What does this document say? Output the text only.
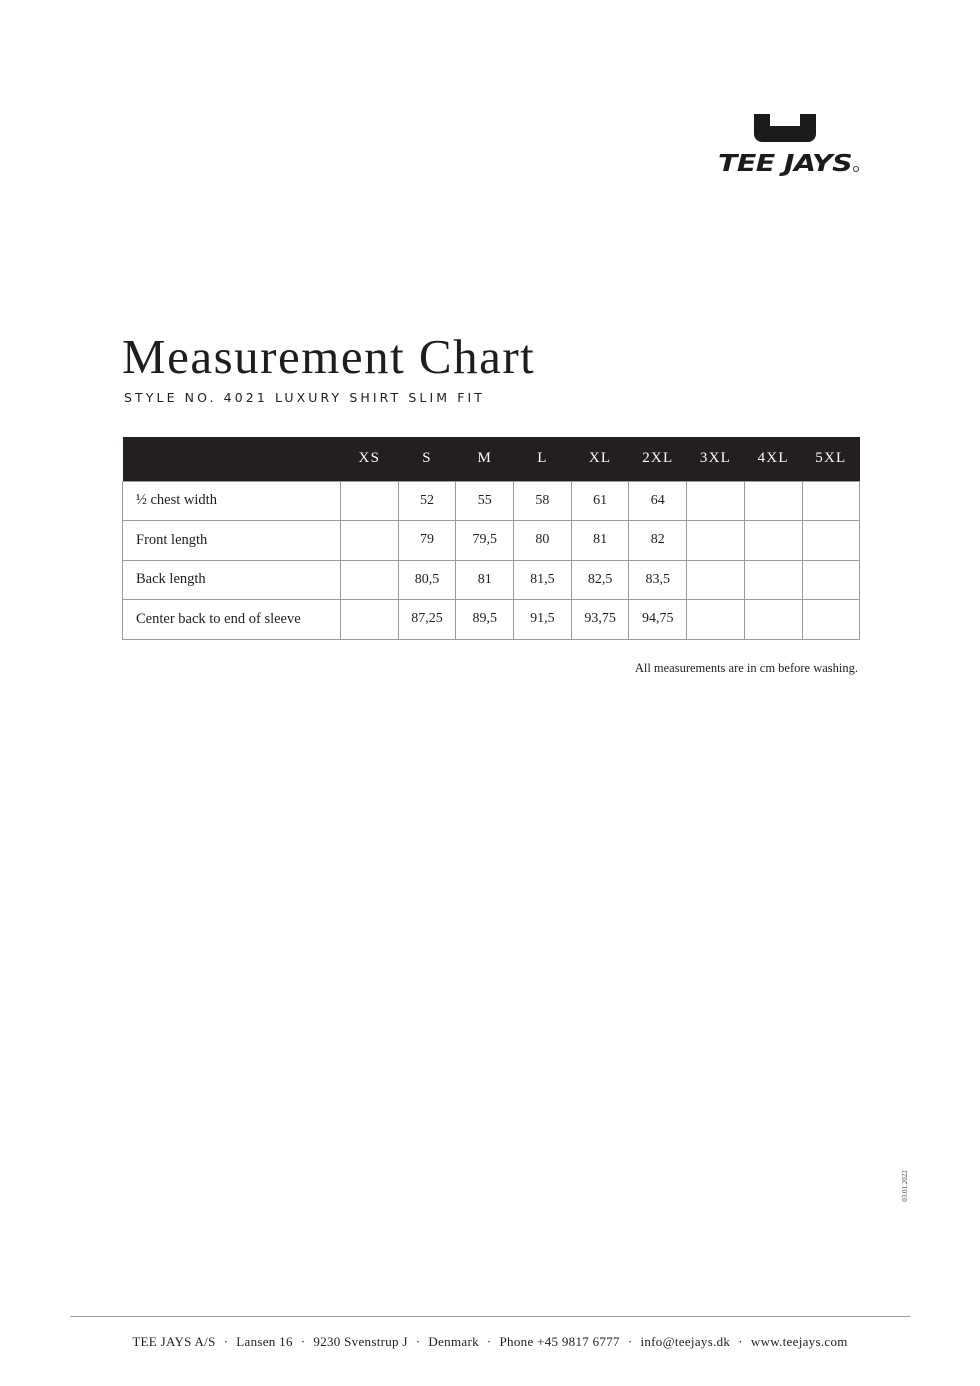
TEE JAYS
Measurement Chart
STYLE NO. 4021 LUXURY SHIRT SLIM FIT
	XS	S	M	L	XL	2XL	3XL	4XL	5XL
½ chest width		52	55	58	61	64			
Front length		79	79,5	80	81	82			
Back length		80,5	81	81,5	82,5	83,5			
Center back to end of sleeve		87,25	89,5	91,5	93,75	94,75			
All measurements are in cm before washing.
03.01.2022
TEE JAYS A/S · Lansen 16 · 9230 Svenstrup J · Denmark · Phone +45 9817 6777 · info@teejays.dk · www.teejays.com
